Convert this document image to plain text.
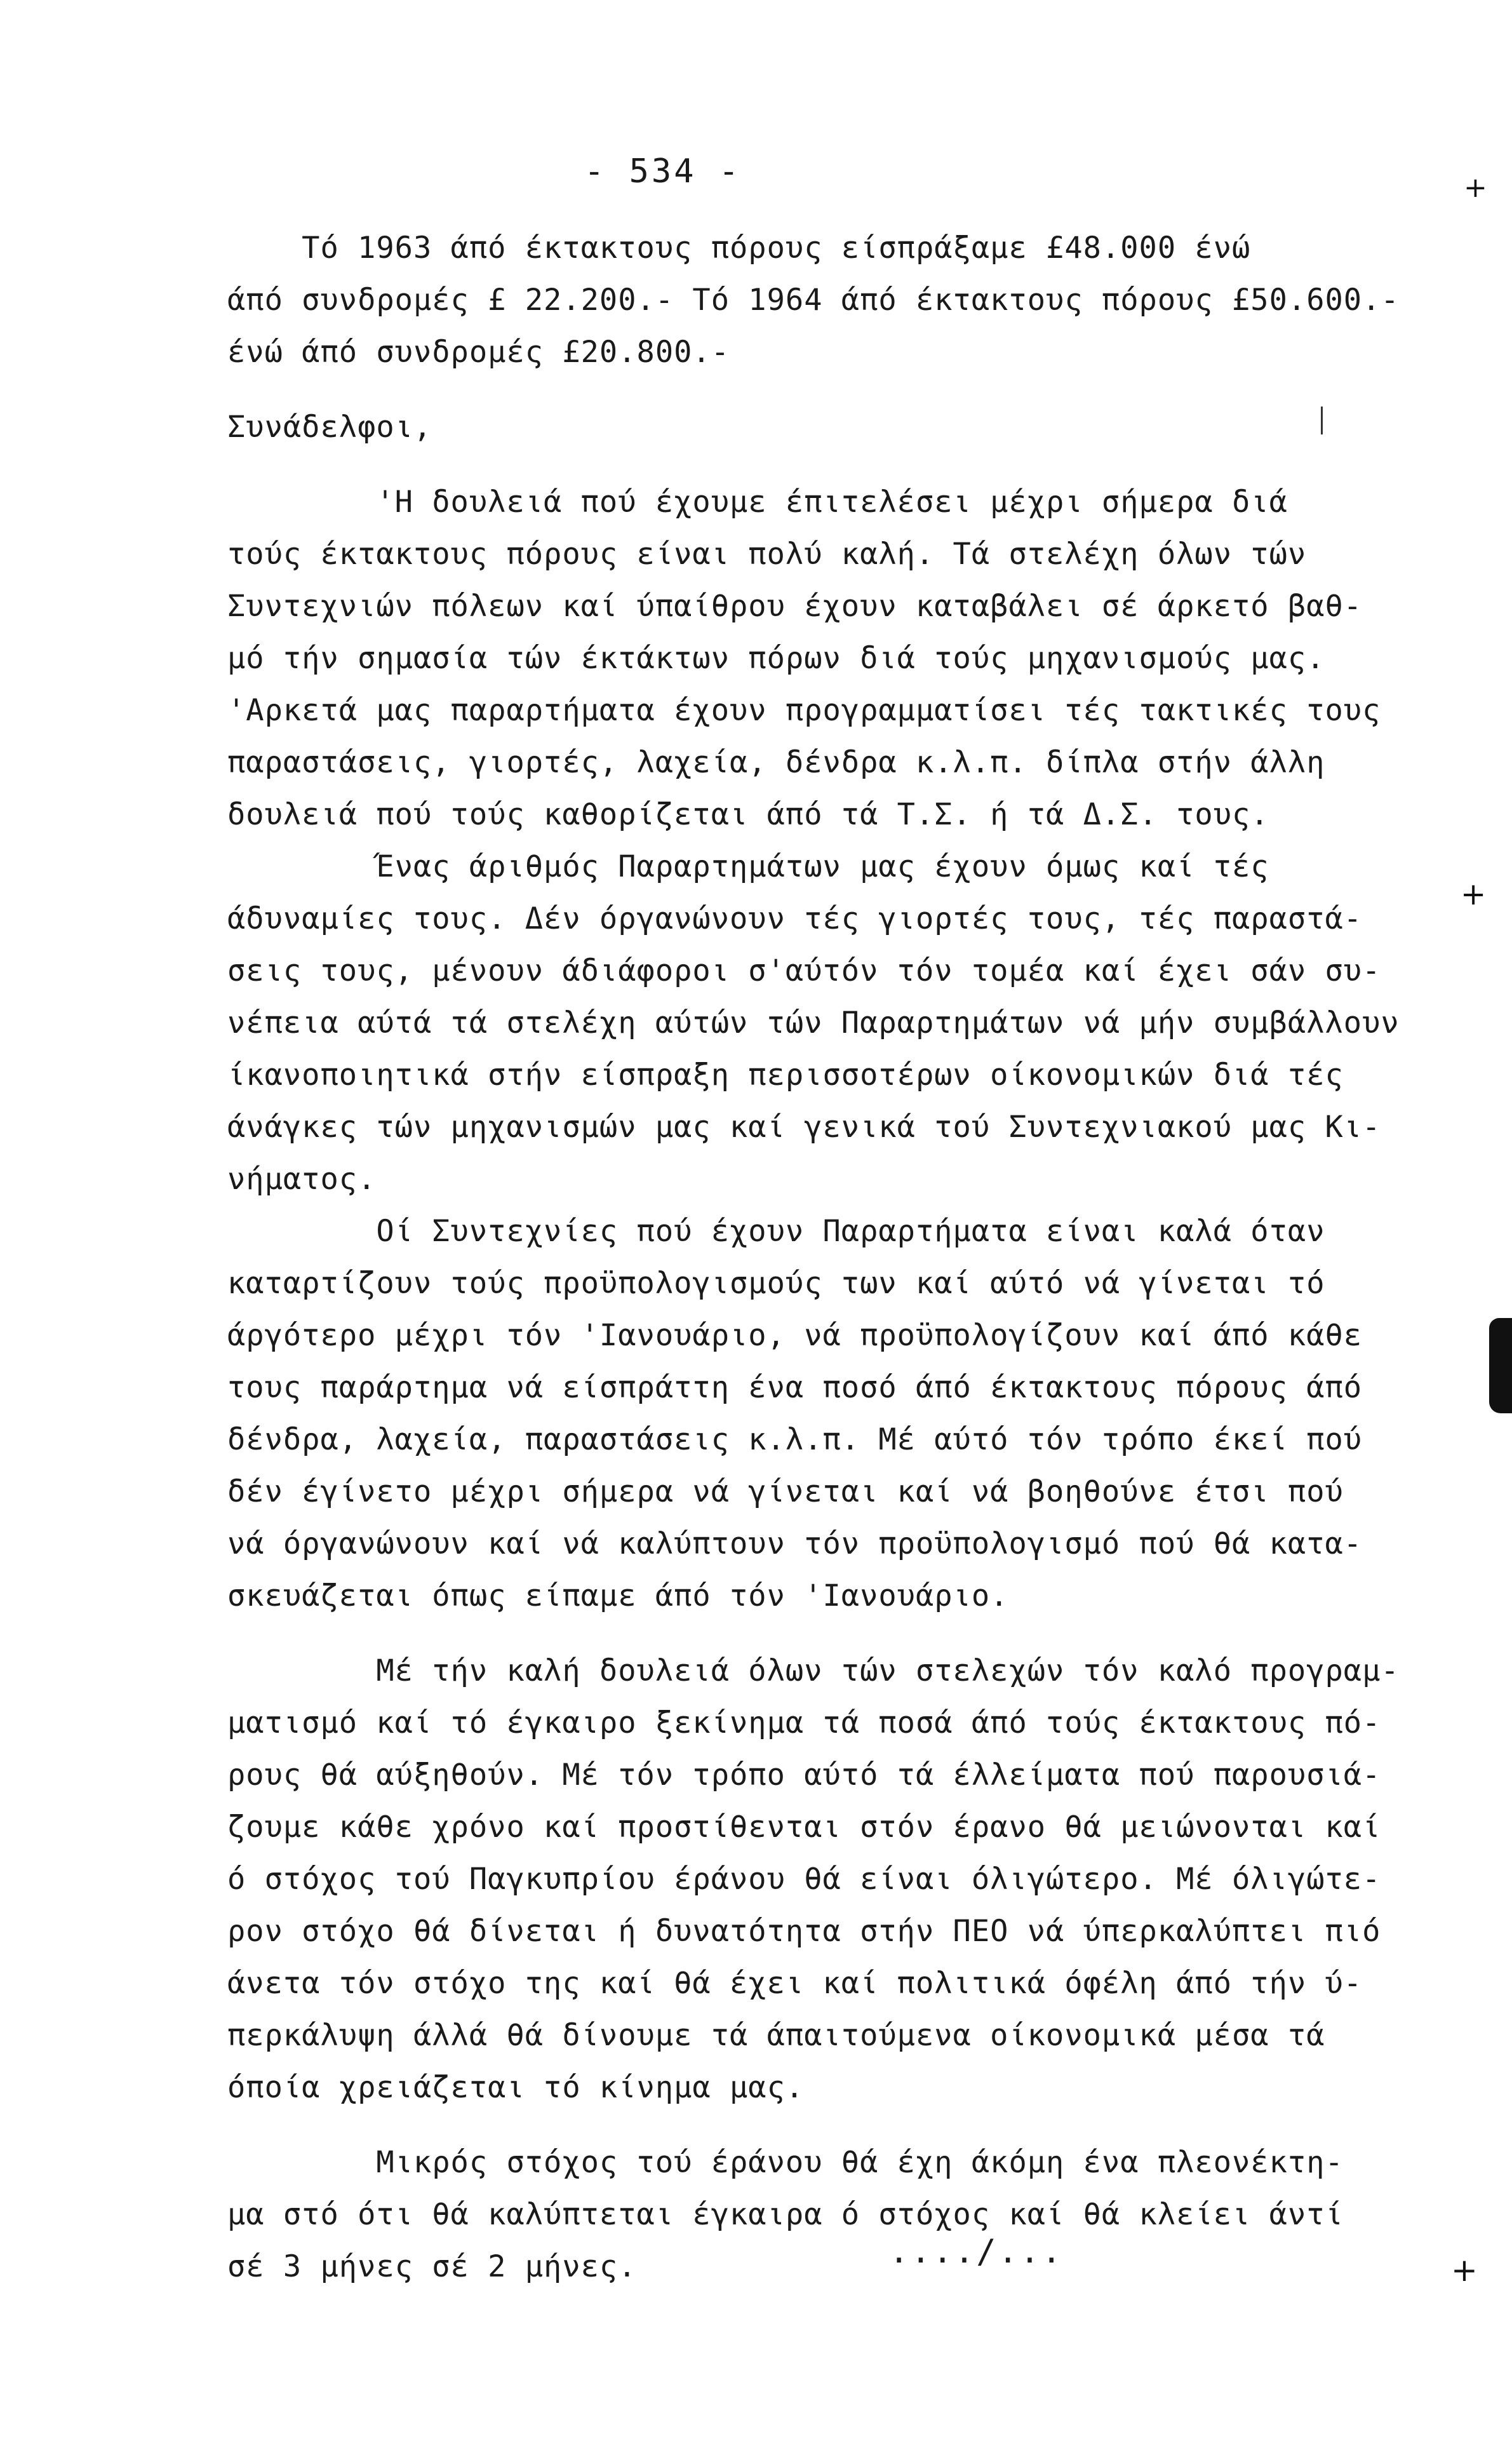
- 534 -
Τό 1963 άπό έκτακτους πόρους είσπράξαμε £48.000 ένώ
άπό συνδρομές £ 22.200.- Τό 1964 άπό έκτακτους πόρους £50.600.-
ένώ άπό συνδρομές £20.800.-
Συνάδελφοι,
'Η δουλειά πού έχουμε έπιτελέσει μέχρι σήμερα διά
τούς έκτακτους πόρους είναι πολύ καλή. Τά στελέχη όλων τών
Συντεχνιών πόλεων καί ύπαίθρου έχουν καταβάλει σέ άρκετό βαθ-
μό τήν σημασία τών έκτάκτων πόρων διά τούς μηχανισμούς μας.
'Αρκετά μας παραρτήματα έχουν προγραμματίσει τές τακτικές τους
παραστάσεις, γιορτές, λαχεία, δένδρα κ.λ.π. δίπλα στήν άλλη
δουλειά πού τούς καθορίζεται άπό τά Τ.Σ. ή τά Δ.Σ. τους.
Ένας άριθμός Παραρτημάτων μας έχουν όμως καί τές
άδυναμίες τους. Δέν όργανώνουν τές γιορτές τους, τές παραστά-
σεις τους, μένουν άδιάφοροι σ'αύτόν τόν τομέα καί έχει σάν συ-
νέπεια αύτά τά στελέχη αύτών τών Παραρτημάτων νά μήν συμβάλλουν
ίκανοποιητικά στήν είσπραξη περισσοτέρων οίκονομικών διά τές
άνάγκες τών μηχανισμών μας καί γενικά τού Συντεχνιακού μας Κι-
νήματος.
Οί Συντεχνίες πού έχουν Παραρτήματα είναι καλά όταν
καταρτίζουν τούς προϋπολογισμούς των καί αύτό νά γίνεται τό
άργότερο μέχρι τόν 'Ιανουάριο, νά προϋπολογίζουν καί άπό κάθε
τους παράρτημα νά είσπράττη ένα ποσό άπό έκτακτους πόρους άπό
δένδρα, λαχεία, παραστάσεις κ.λ.π. Μέ αύτό τόν τρόπο έκεί πού
δέν έγίνετο μέχρι σήμερα νά γίνεται καί νά βοηθούνε έτσι πού
νά όργανώνουν καί νά καλύπτουν τόν προϋπολογισμό πού θά κατα-
σκευάζεται όπως είπαμε άπό τόν 'Ιανουάριο.
Μέ τήν καλή δουλειά όλων τών στελεχών τόν καλό προγραμ-
ματισμό καί τό έγκαιρο ξεκίνημα τά ποσά άπό τούς έκτακτους πό-
ρους θά αύξηθούν. Μέ τόν τρόπο αύτό τά έλλείματα πού παρουσιά-
ζουμε κάθε χρόνο καί προστίθενται στόν έρανο θά μειώνονται καί
ό στόχος τού Παγκυπρίου έράνου θά είναι όλιγώτερο. Μέ όλιγώτε-
ρον στόχο θά δίνεται ή δυνατότητα στήν ΠΕΟ νά ύπερκαλύπτει πιό
άνετα τόν στόχο της καί θά έχει καί πολιτικά όφέλη άπό τήν ύ-
περκάλυψη άλλά θά δίνουμε τά άπαιτούμενα οίκονομικά μέσα τά
όποία χρειάζεται τό κίνημα μας.
Μικρός στόχος τού έράνου θά έχη άκόμη ένα πλεονέκτη-
μα στό ότι θά καλύπτεται έγκαιρα ό στόχος καί θά κλείει άντί
σέ 3 μήνες σέ 2 μήνες.	..../...
+
+
+
